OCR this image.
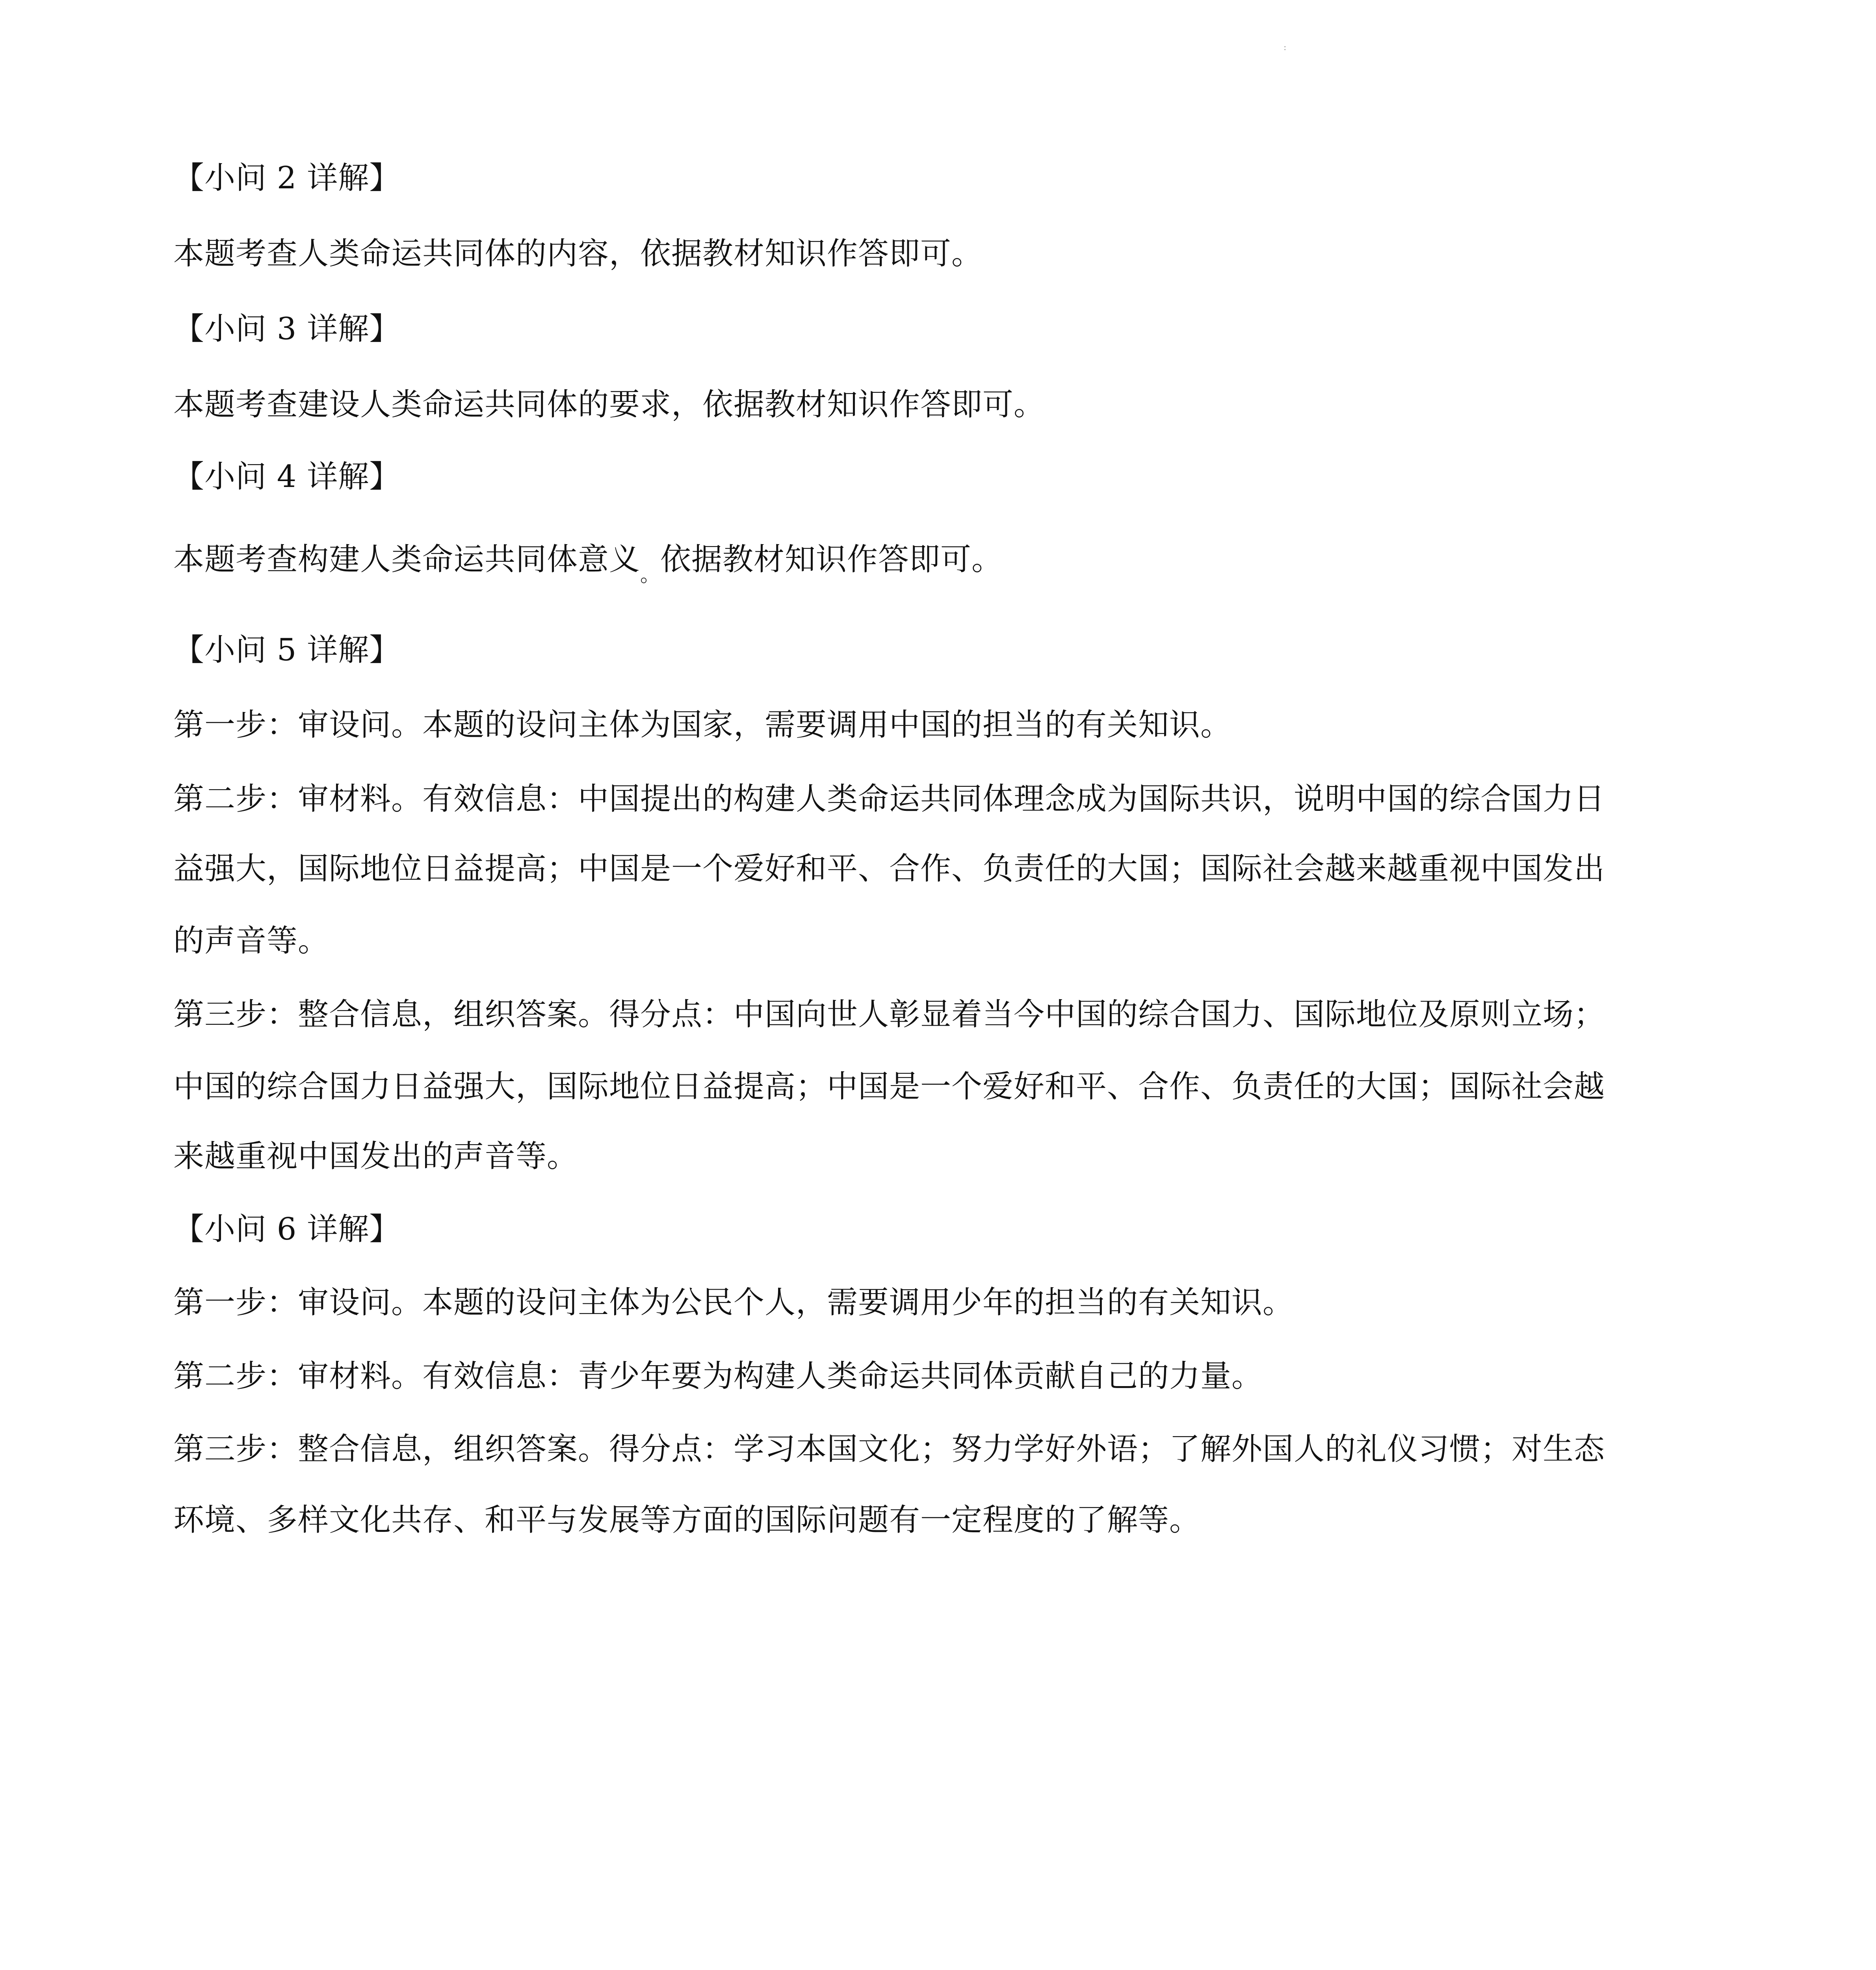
:
【小问 2 详解】
本题考查人类命运共同体的内容，依据教材知识作答即可。
【小问 3 详解】
本题考查建设人类命运共同体的要求，依据教材知识作答即可。
【小问 4 详解】
本题考查构建人类命运共同体意义$_。$依据教材知识作答即可。
【小问 5 详解】
第一步：审设问。本题的设问主体为国家，需要调用中国的担当的有关知识。
第二步：审材料。有效信息：中国提出的构建人类命运共同体理念成为国际共识，说明中国的综合国力日
益强大，国际地位日益提高；中国是一个爱好和平、合作、负责任的大国；国际社会越来越重视中国发出
的声音等。
第三步：整合信息，组织答案。得分点：中国向世人彰显着当今中国的综合国力、国际地位及原则立场；
中国的综合国力日益强大，国际地位日益提高；中国是一个爱好和平、合作、负责任的大国；国际社会越
来越重视中国发出的声音等。
【小问 6 详解】
第一步：审设问。本题的设问主体为公民个人，需要调用少年的担当的有关知识。
第二步：审材料。有效信息：青少年要为构建人类命运共同体贡献自己的力量。
第三步：整合信息，组织答案。得分点：学习本国文化；努力学好外语；了解外国人的礼仪习惯；对生态
环境、多样文化共存、和平与发展等方面的国际问题有一定程度的了解等。
